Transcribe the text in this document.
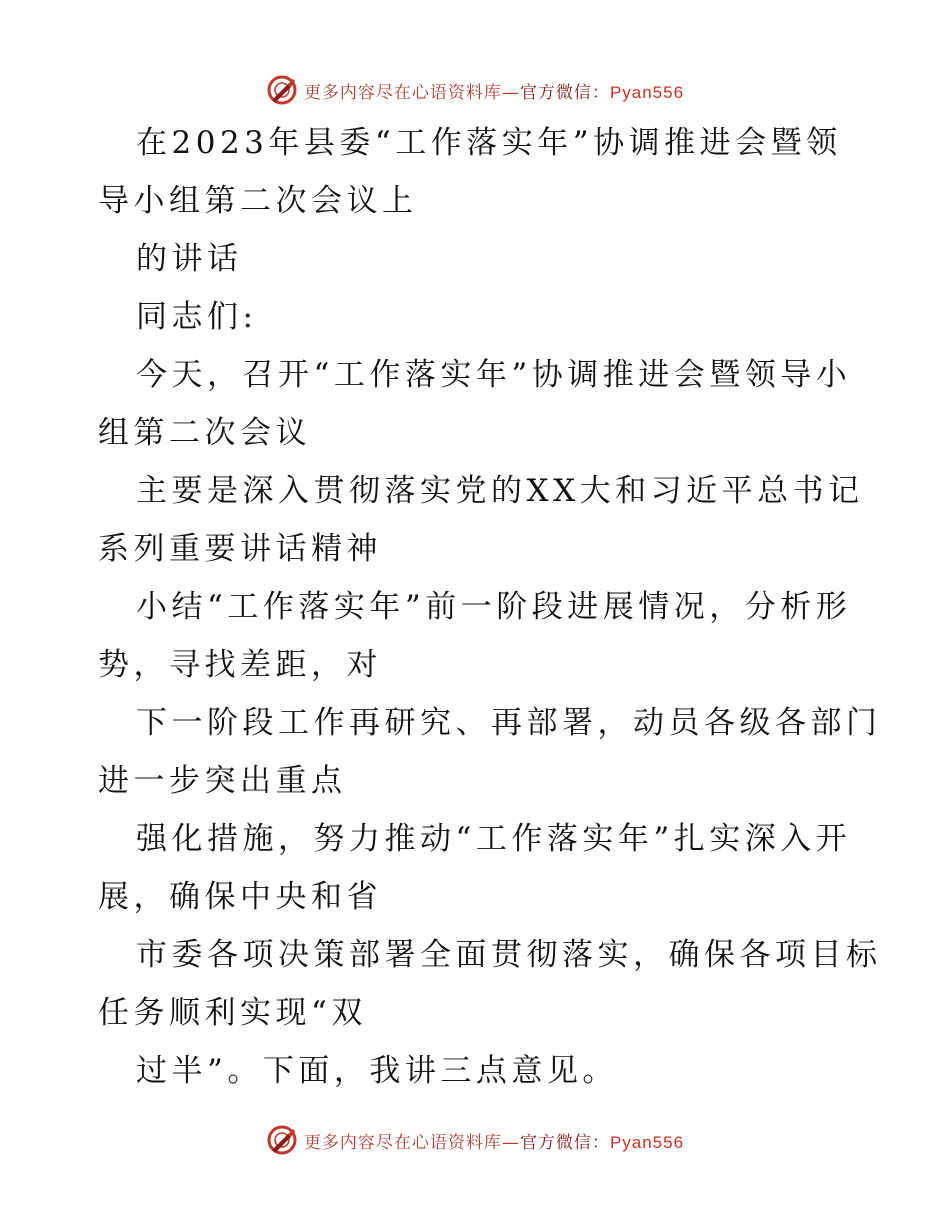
更多内容尽在心语资料库—官方微信：Pyan556
在2023年县委“工作落实年”协调推进会暨领
导小组第二次会议上
的讲话
同志们:
今天，召开“工作落实年”协调推进会暨领导小
组第二次会议
主要是深入贯彻落实党的XX大和习近平总书记
系列重要讲话精神
小结“工作落实年”前一阶段进展情况，分析形
势，寻找差距，对
下一阶段工作再研究、再部署，动员各级各部门
进一步突出重点
强化措施，努力推动“工作落实年”扎实深入开
展，确保中央和省
市委各项决策部署全面贯彻落实，确保各项目标
任务顺利实现“双
过半”。下面，我讲三点意见。
更多内容尽在心语资料库—官方微信：Pyan556
